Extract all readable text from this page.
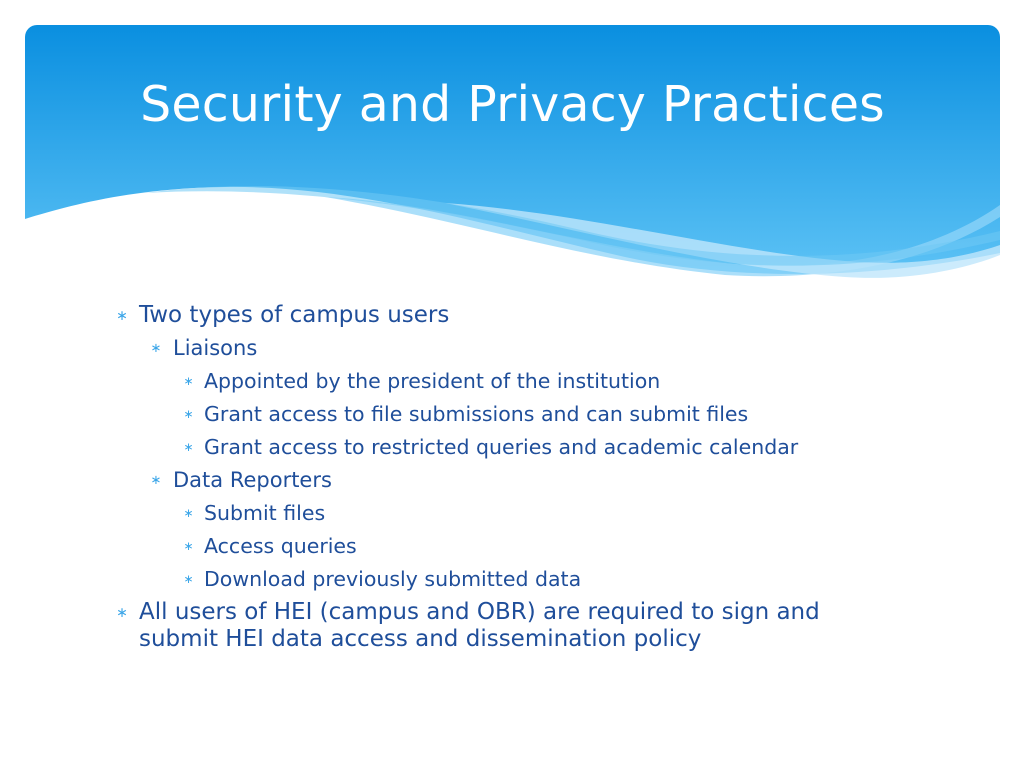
Security and Privacy Practices
∗ Two types of campus users
∗ Liaisons
∗ Appointed by the president of the institution
∗ Grant access to file submissions and can submit files
∗ Grant access to restricted queries and academic calendar
∗ Data Reporters
∗ Submit files
∗ Access queries
∗ Download previously submitted data
∗ All users of HEI (campus and OBR) are required to sign and submit HEI data access and dissemination policy
